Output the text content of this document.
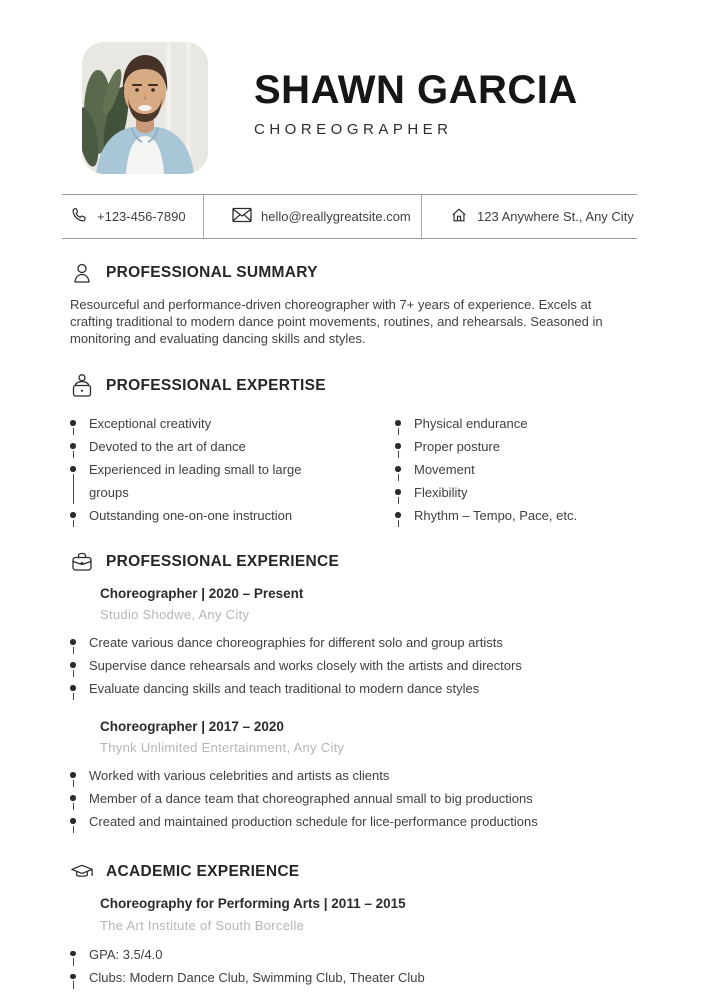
SHAWN GARCIA
CHOREOGRAPHER
+123-456-7890	hello@reallygreatsite.com	123 Anywhere St., Any City
PROFESSIONAL SUMMARY

Resourceful and performance-driven choreographer with 7+ years of experience. Excels at crafting traditional to modern dance point movements, routines, and rehearsals. Seasoned in monitoring and evaluating dancing skills and styles.

PROFESSIONAL EXPERTISE
Exceptional creativity
Devoted to the art of dance
Experienced in leading small to large groups
Outstanding one-on-one instruction
Physical endurance
Proper posture
Movement
Flexibility
Rhythm – Tempo, Pace, etc.
PROFESSIONAL EXPERIENCE
Choreographer | 2020 – Present
Studio Shodwe, Any City
Create various dance choreographies for different solo and group artists
Supervise dance rehearsals and works closely with the artists and directors
Evaluate dancing skills and teach traditional to modern dance styles
Choreographer | 2017 – 2020
Thynk Unlimited Entertainment, Any City
Worked with various celebrities and artists as clients
Member of a dance team that choreographed annual small to big productions
Created and maintained production schedule for lice-performance productions
ACADEMIC EXPERIENCE
Choreography for Performing Arts | 2011 – 2015
The Art Institute of South Borcelle
GPA: 3.5/4.0
Clubs: Modern Dance Club, Swimming Club, Theater Club
